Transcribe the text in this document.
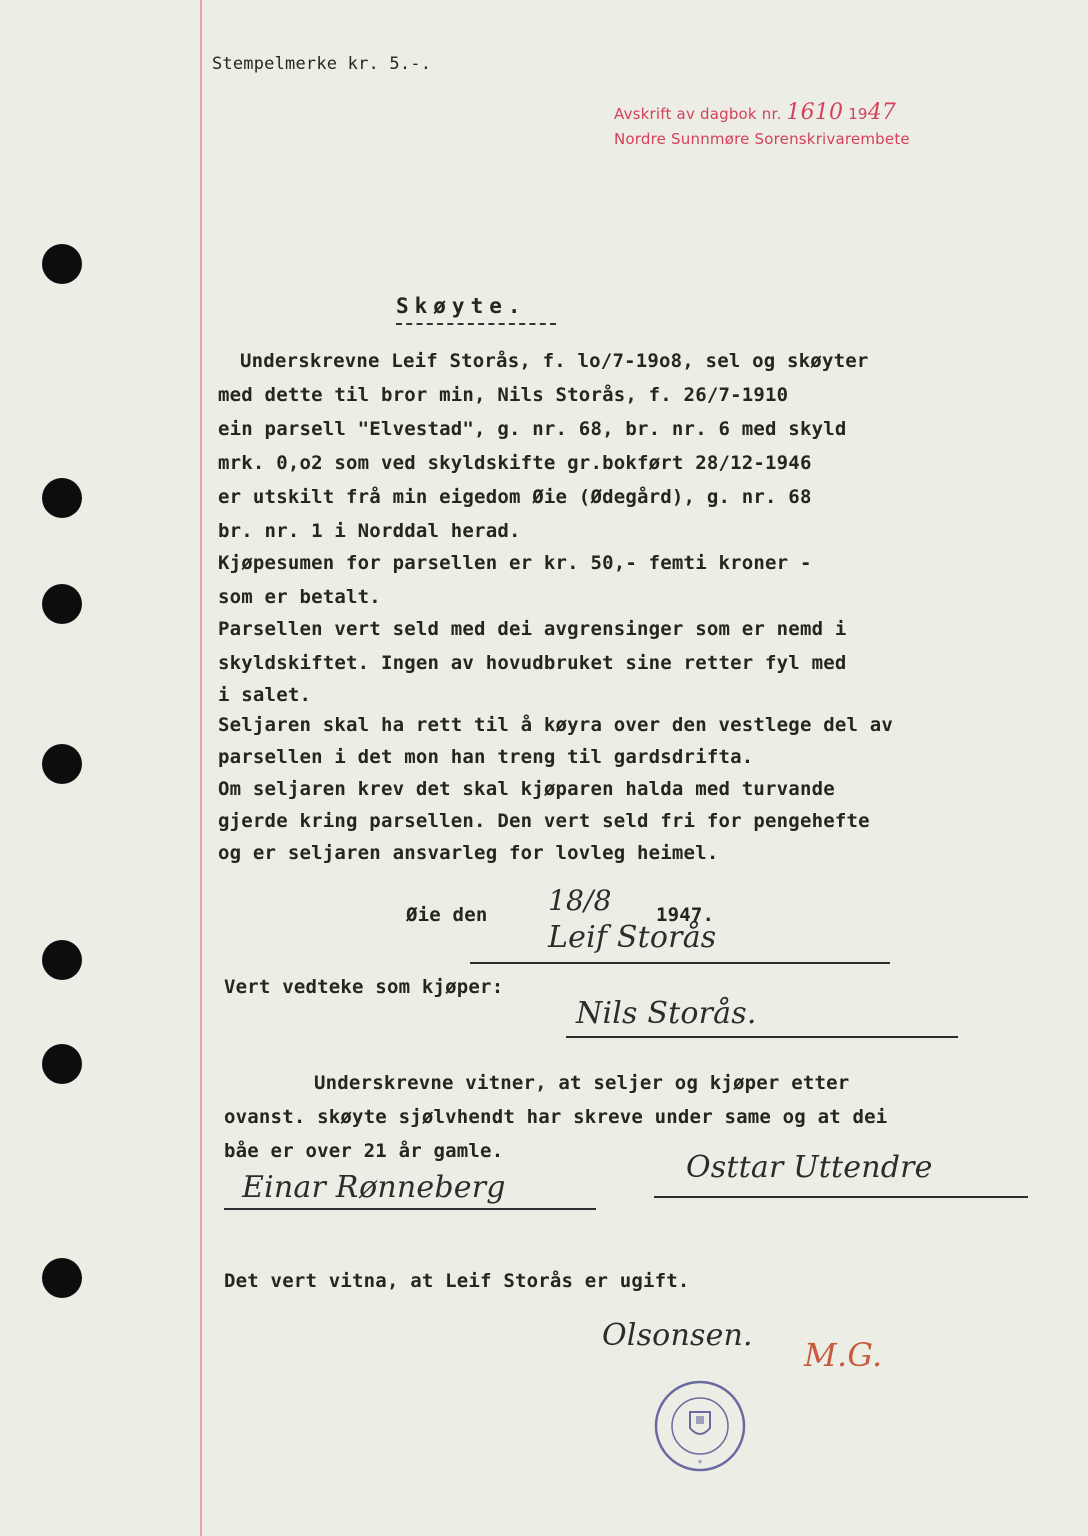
Stempelmerke kr. 5.-.
Avskrift av dagbok nr. 1610 1947
Nordre Sunnmøre Sorenskrivarembete
Skøyte.
Underskrevne Leif Storås, f. lo/7-19o8, sel og skøyter
med dette til bror min, Nils Storås, f. 26/7-1910
ein parsell "Elvestad", g. nr. 68, br. nr. 6 med skyld
mrk. 0,o2 som ved skyldskifte gr.bokført 28/12-1946
er utskilt frå min eigedom Øie (Ødegård), g. nr. 68
br. nr. 1 i Norddal herad.
Kjøpesumen for parsellen er kr. 50,- femti kroner -
som er betalt.
Parsellen vert seld med dei avgrensinger som er nemd i
skyldskiftet. Ingen av hovudbruket sine retter fyl med
i salet.
Seljaren skal ha rett til å køyra over den vestlege del av
parsellen i det mon han treng til gardsdrifta.
Om seljaren krev det skal kjøparen halda med turvande
gjerde kring parsellen. Den vert seld fri for pengehefte
og er seljaren ansvarleg for lovleg heimel.
Øie den 18/8 1947.
Leif Storås
Vert vedteke som kjøper:
Nils Storås.
Underskrevne vitner, at seljer og kjøper etter
ovanst. skøyte sjølvhendt har skreve under same og at dei
båe er over 21 år gamle.
Einar Rønneberg
Osttar Uttendre
Det vert vitna, at Leif Storås er ugift.
Olsonsen.
M.G.
*
